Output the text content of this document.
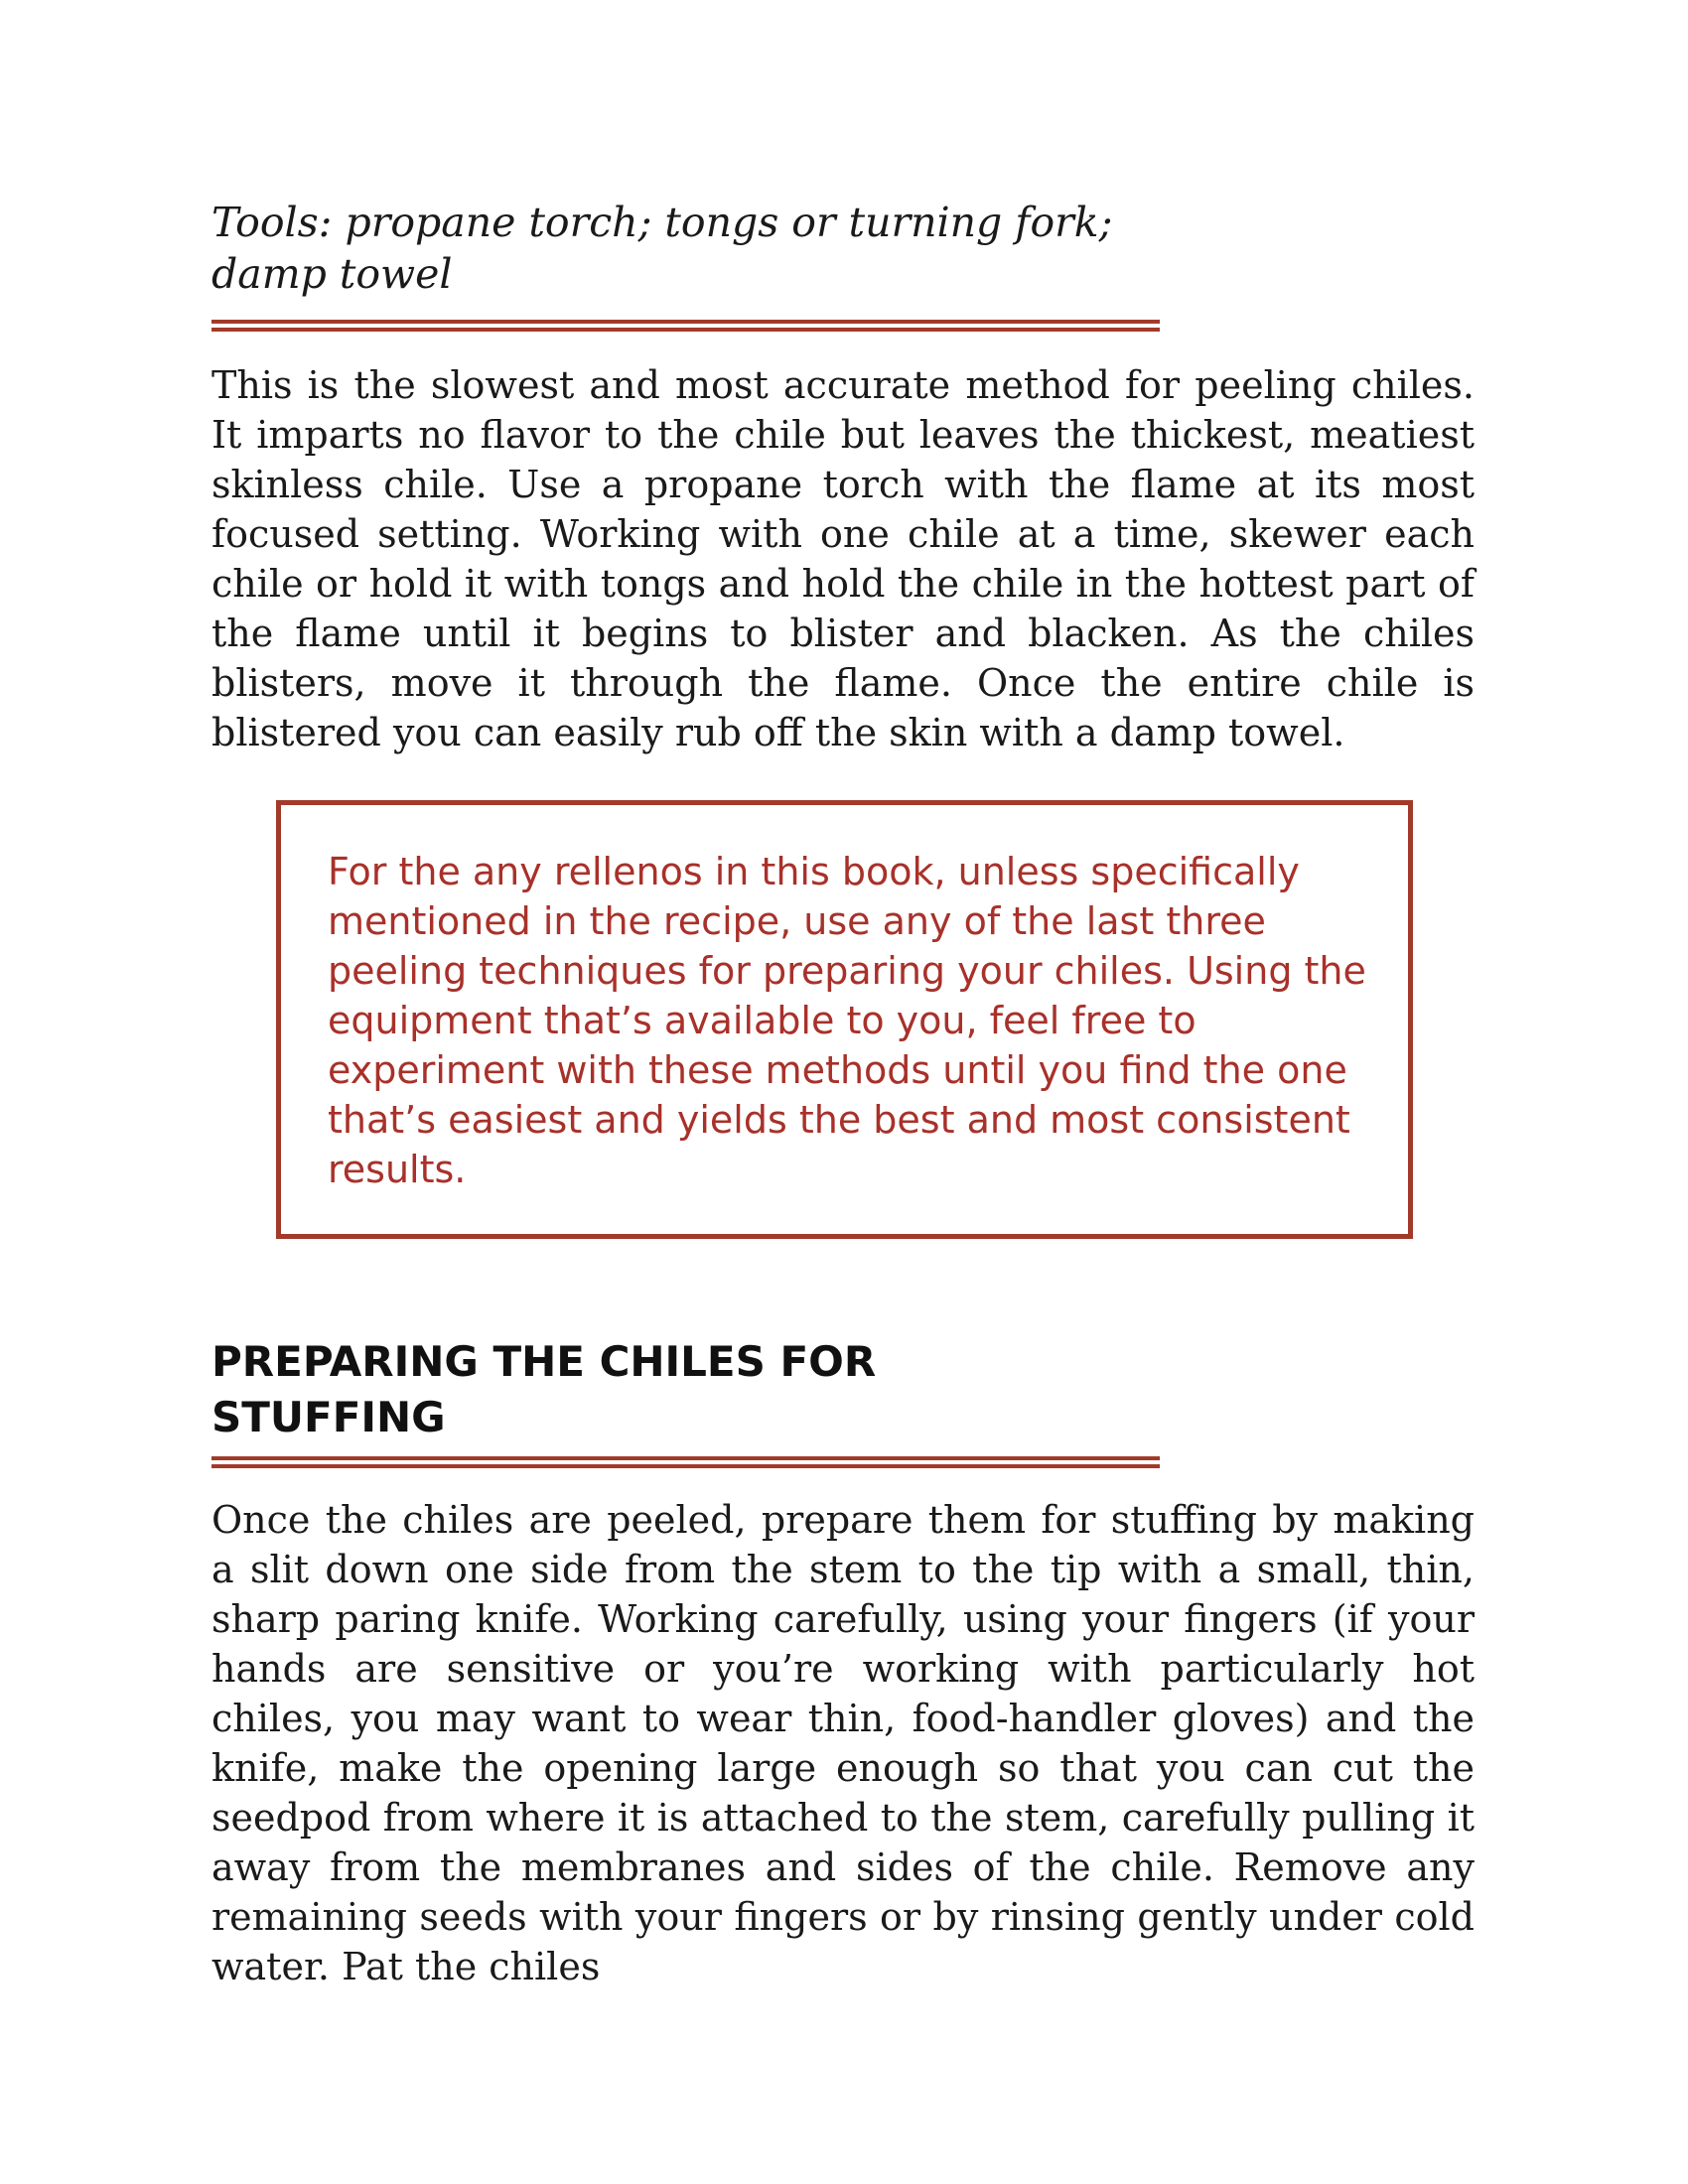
Tools: propane torch; tongs or turning fork;
damp towel

This is the slowest and most accurate method for peeling chiles. It imparts no flavor to the chile but leaves the thickest, meatiest skinless chile. Use a propane torch with the flame at its most focused setting. Working with one chile at a time, skewer each chile or hold it with tongs and hold the chile in the hottest part of the flame until it begins to blister and blacken. As the chiles blisters, move it through the flame. Once the entire chile is blistered you can easily rub off the skin with a damp towel.

For the any rellenos in this book, unless specifically mentioned in the recipe, use any of the last three peeling techniques for preparing your chiles. Using the equipment that’s available to you, feel free to experiment with these methods until you find the one that’s easiest and yields the best and most consistent results.

PREPARING THE CHILES FOR
STUFFING

Once the chiles are peeled, prepare them for stuffing by making a slit down one side from the stem to the tip with a small, thin, sharp paring knife. Working carefully, using your fingers (if your hands are sensitive or you’re working with particularly hot chiles, you may want to wear thin, food-handler gloves) and the knife, make the opening large enough so that you can cut the seedpod from where it is attached to the stem, carefully pulling it away from the membranes and sides of the chile. Remove any remaining seeds with your fingers or by rinsing gently under cold water. Pat the chiles
